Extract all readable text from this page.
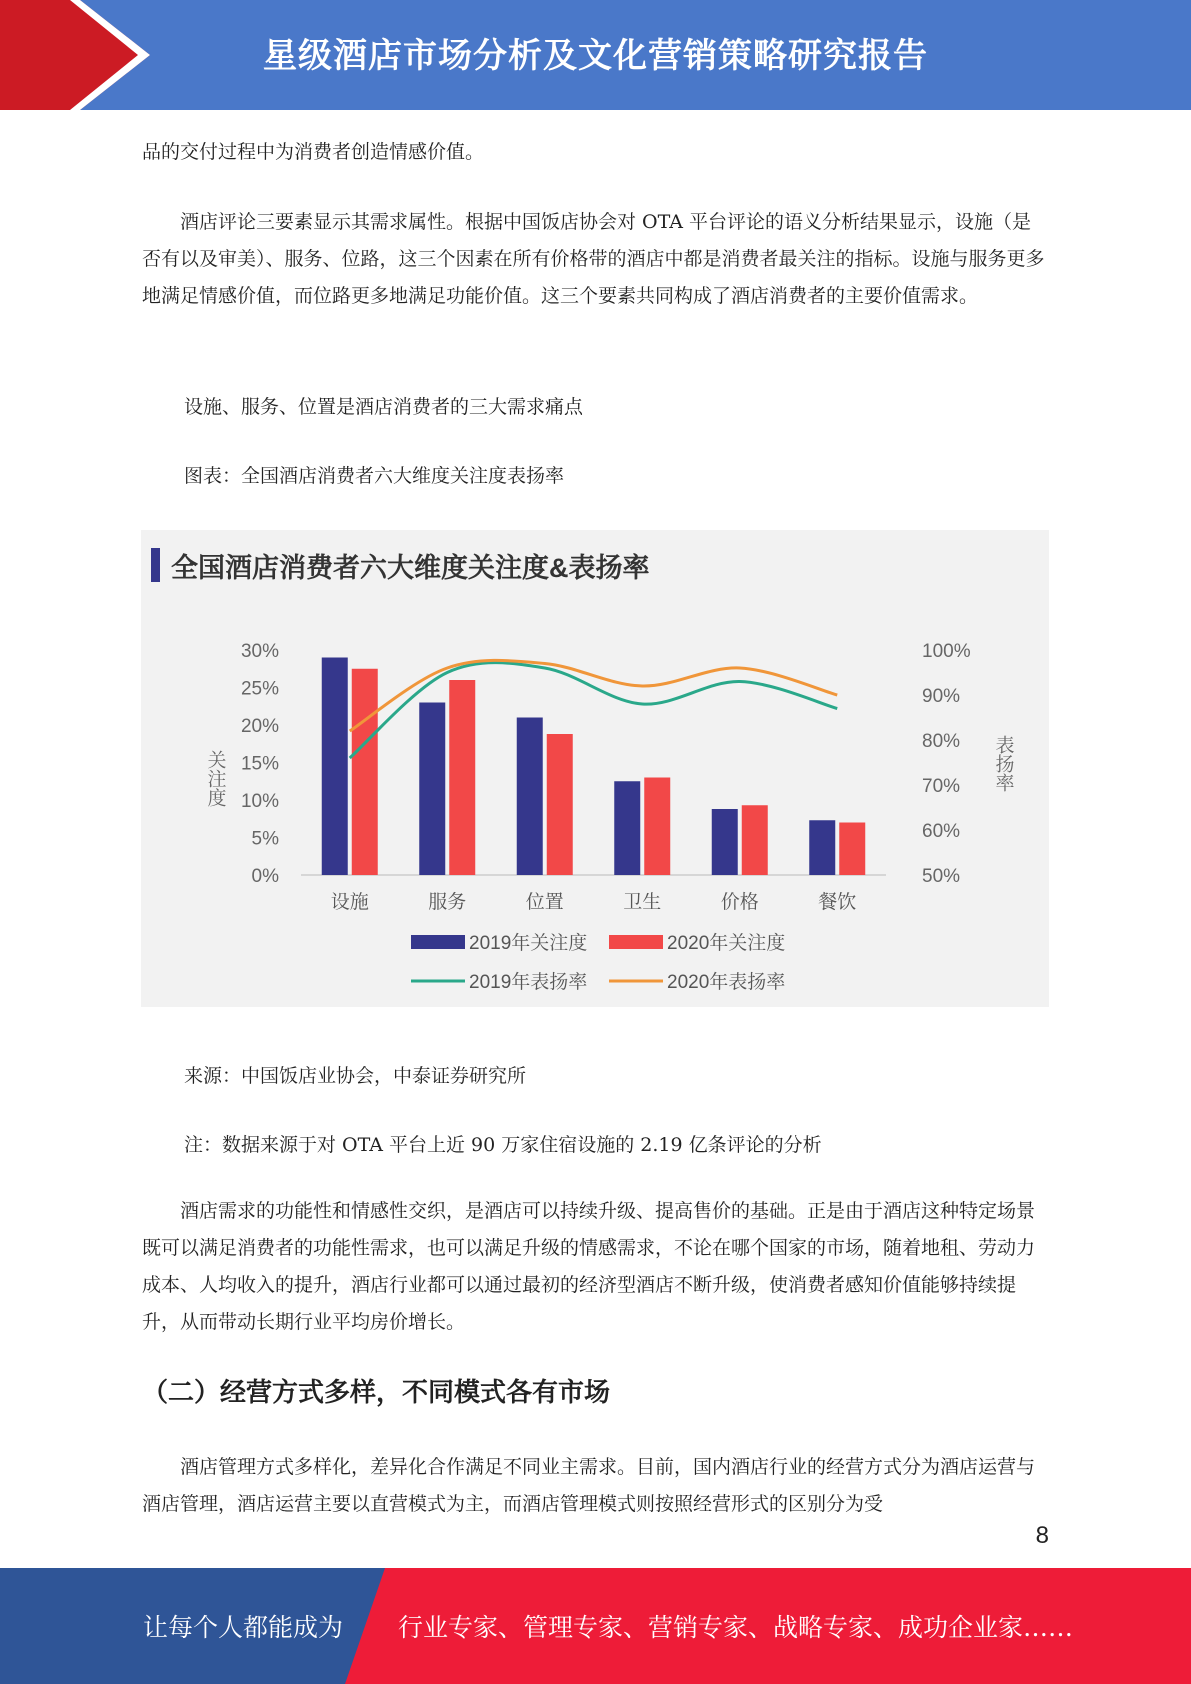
星级酒店市场分析及文化营销策略研究报告

品的交付过程中为消费者创造情感价值。

酒店评论三要素显示其需求属性。根据中国饭店协会对 OTA 平台评论的语义分析结果显示，设施（是否有以及审美）、服务、位路，这三个因素在所有价格带的酒店中都是消费者最关注的指标。设施与服务更多地满足情感价值，而位路更多地满足功能价值。这三个要素共同构成了酒店消费者的主要价值需求。

设施、服务、位置是酒店消费者的三大需求痛点
图表：全国酒店消费者六大维度关注度表扬率
全国酒店消费者六大维度关注度&表扬率
0%
5%
10%
15%
20%
25%
30%
50%
60%
70%
80%
90%
100%
关注度	表扬率
设施	服务	位置	卫生	价格	餐饮
2019年关注度	2020年关注度
2019年表扬率	2020年表扬率
来源：中国饭店业协会，中泰证券研究所
注：数据来源于对 OTA 平台上近 90 万家住宿设施的 2.19 亿条评论的分析

酒店需求的功能性和情感性交织，是酒店可以持续升级、提高售价的基础。正是由于酒店这种特定场景既可以满足消费者的功能性需求，也可以满足升级的情感需求，不论在哪个国家的市场，随着地租、劳动力成本、人均收入的提升，酒店行业都可以通过最初的经济型酒店不断升级，使消费者感知价值能够持续提升，从而带动长期行业平均房价增长。

（二）经营方式多样，不同模式各有市场

酒店管理方式多样化，差异化合作满足不同业主需求。目前，国内酒店行业的经营方式分为酒店运营与酒店管理，酒店运营主要以直营模式为主，而酒店管理模式则按照经营形式的区别分为受

8
让每个人都能成为 行业专家、管理专家、营销专家、战略专家、成功企业家……
